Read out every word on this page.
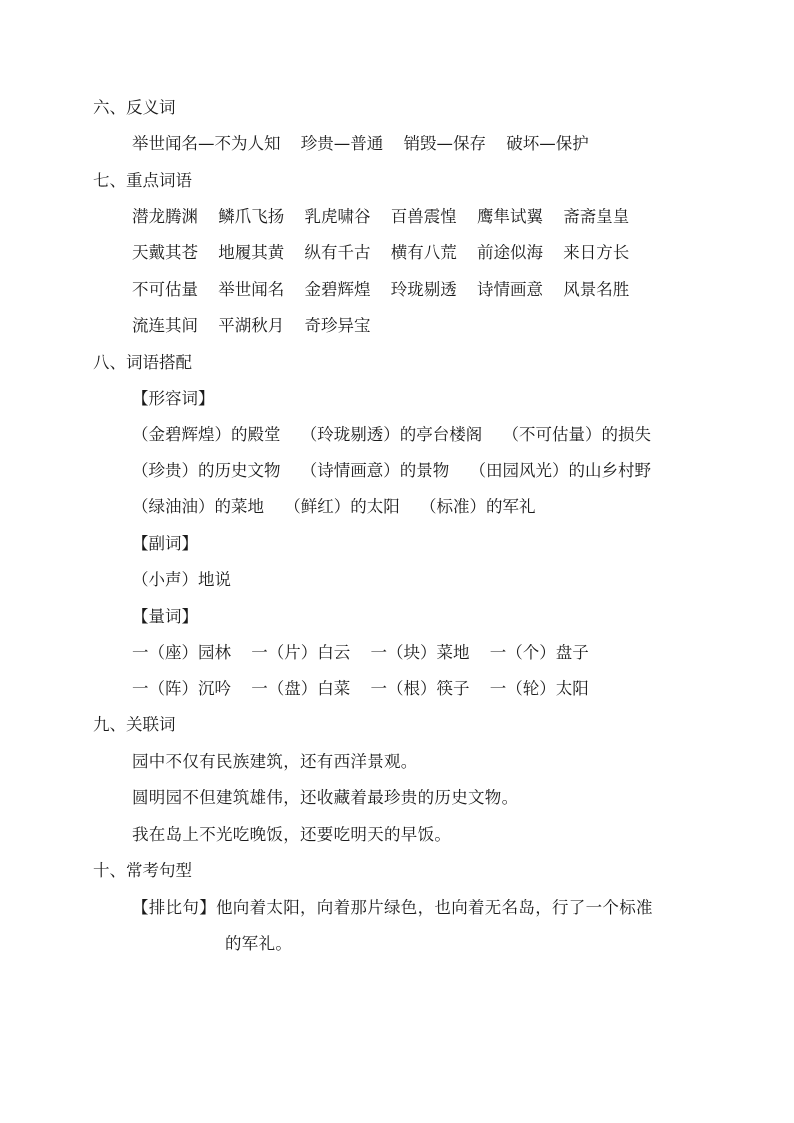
六、反义词
举世闻名—不为人知 珍贵—普通 销毁—保存 破坏—保护
七、重点词语
潜龙腾渊 鳞爪飞扬 乳虎啸谷 百兽震惶 鹰隼试翼 斋斋皇皇
天戴其苍 地履其黄 纵有千古 横有八荒 前途似海 来日方长
不可估量 举世闻名 金碧辉煌 玲珑剔透 诗情画意 风景名胜
流连其间 平湖秋月 奇珍异宝
八、词语搭配
【形容词】
（金碧辉煌）的殿堂 （玲珑剔透）的亭台楼阁 （不可估量）的损失
（珍贵）的历史文物 （诗情画意）的景物 （田园风光）的山乡村野
（绿油油）的菜地 （鲜红）的太阳 （标准）的军礼
【副词】
（小声）地说
【量词】
一（座）园林 一（片）白云 一（块）菜地 一（个）盘子
一（阵）沉吟 一（盘）白菜 一（根）筷子 一（轮）太阳
九、关联词
园中不仅有民族建筑，还有西洋景观。
圆明园不但建筑雄伟，还收藏着最珍贵的历史文物。
我在岛上不光吃晚饭，还要吃明天的早饭。
十、常考句型
【排比句】他向着太阳，向着那片绿色，也向着无名岛，行了一个标准
的军礼。
